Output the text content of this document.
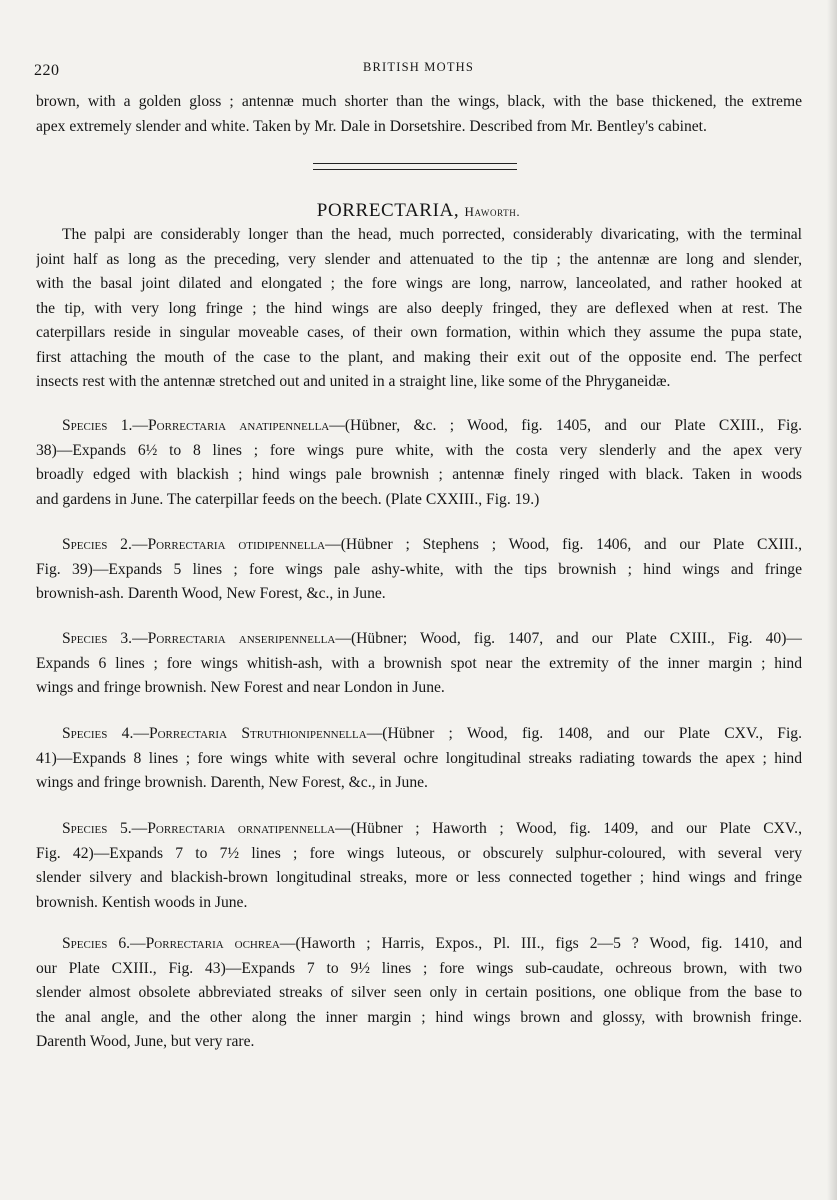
220	BRITISH MOTHS
brown, with a golden gloss ; antennæ much shorter than the wings, black, with the base thickened, the extreme
apex extremely slender and white. Taken by Mr. Dale in Dorsetshire. Described from Mr. Bentley's cabinet.
PORRECTARIA, Haworth.
The palpi are considerably longer than the head, much porrected, considerably divaricating, with the terminal
joint half as long as the preceding, very slender and attenuated to the tip ; the antennæ are long and slender,
with the basal joint dilated and elongated ; the fore wings are long, narrow, lanceolated, and rather hooked at
the tip, with very long fringe ; the hind wings are also deeply fringed, they are deflexed when at rest. The
caterpillars reside in singular moveable cases, of their own formation, within which they assume the pupa state,
first attaching the mouth of the case to the plant, and making their exit out of the opposite end. The perfect
insects rest with the antennæ stretched out and united in a straight line, like some of the Phryganeidæ.
Species 1.—Porrectaria anatipennella—(Hübner, &c. ; Wood, fig. 1405, and our Plate CXIII., Fig.
38)—Expands 6½ to 8 lines ; fore wings pure white, with the costa very slenderly and the apex very
broadly edged with blackish ; hind wings pale brownish ; antennæ finely ringed with black. Taken in woods
and gardens in June. The caterpillar feeds on the beech. (Plate CXXIII., Fig. 19.)
Species 2.—Porrectaria otidipennella—(Hübner ; Stephens ; Wood, fig. 1406, and our Plate CXIII.,
Fig. 39)—Expands 5 lines ; fore wings pale ashy-white, with the tips brownish ; hind wings and fringe
brownish-ash. Darenth Wood, New Forest, &c., in June.
Species 3.—Porrectaria anseripennella—(Hübner; Wood, fig. 1407, and our Plate CXIII., Fig. 40)—
Expands 6 lines ; fore wings whitish-ash, with a brownish spot near the extremity of the inner margin ; hind
wings and fringe brownish. New Forest and near London in June.
Species 4.—Porrectaria Struthionipennella—(Hübner ; Wood, fig. 1408, and our Plate CXV., Fig.
41)—Expands 8 lines ; fore wings white with several ochre longitudinal streaks radiating towards the apex ; hind
wings and fringe brownish. Darenth, New Forest, &c., in June.
Species 5.—Porrectaria ornatipennella—(Hübner ; Haworth ; Wood, fig. 1409, and our Plate CXV.,
Fig. 42)—Expands 7 to 7½ lines ; fore wings luteous, or obscurely sulphur-coloured, with several very
slender silvery and blackish-brown longitudinal streaks, more or less connected together ; hind wings and fringe
brownish. Kentish woods in June.
Species 6.—Porrectaria ochrea—(Haworth ; Harris, Expos., Pl. III., figs 2—5 ? Wood, fig. 1410, and
our Plate CXIII., Fig. 43)—Expands 7 to 9½ lines ; fore wings sub-caudate, ochreous brown, with two
slender almost obsolete abbreviated streaks of silver seen only in certain positions, one oblique from the base to
the anal angle, and the other along the inner margin ; hind wings brown and glossy, with brownish fringe.
Darenth Wood, June, but very rare.
